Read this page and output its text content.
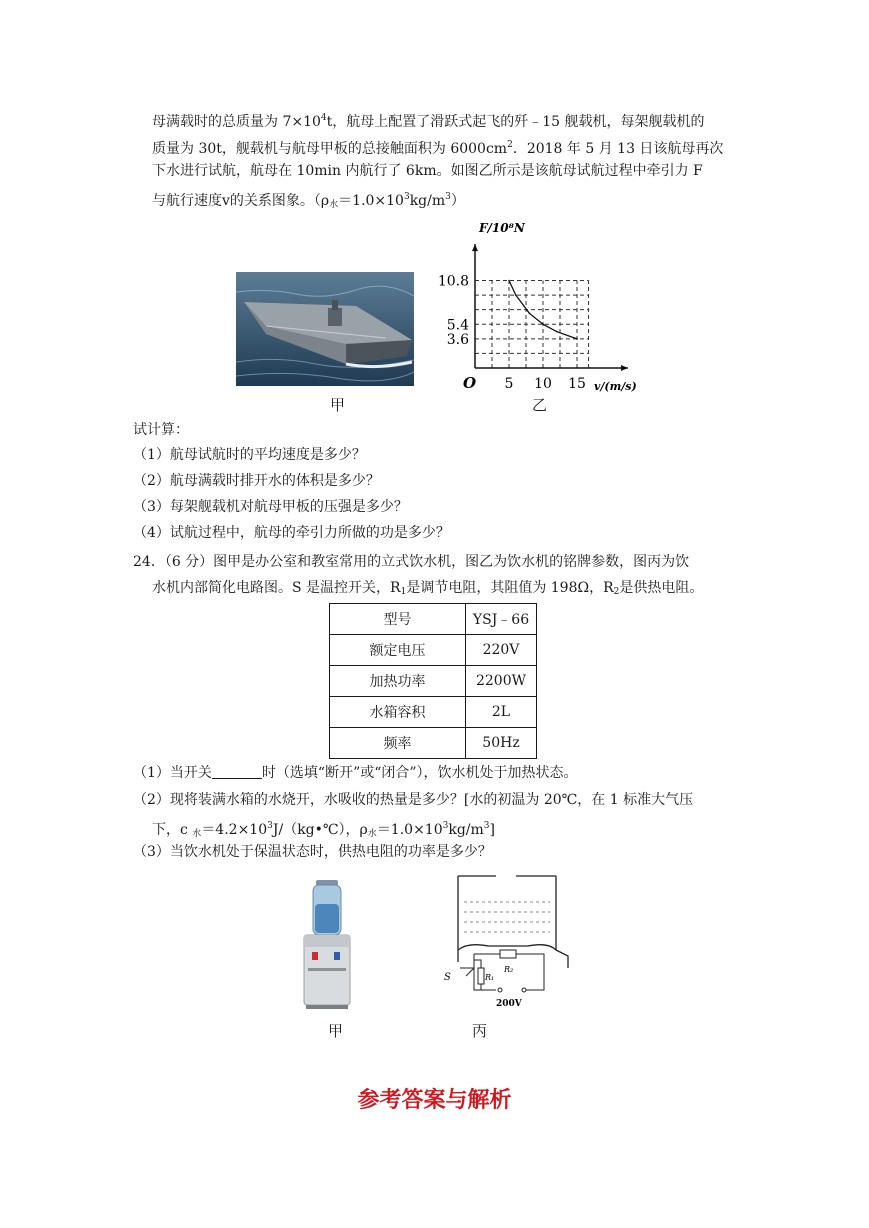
母满载时的总质量为 $7\times 10^4t$，航母上配置了滑跃式起飞的歼﹣15 舰载机，每架舰载机的
质量为 30t，舰载机与航母甲板的总接触面积为 $6000cm^2$．2018 年 5 月 13 日该航母再次
下水进行试航，航母在 10min 内航行了 6km。如图乙所示是该航母试航过程中牵引力 F
与航行速度v的关系图象。$(\rho_水=1.0\times 10^3kg/m^3)$
10.8
5.4
3.6
5 10 15
O
F/10⁸N
v/(m/s)
甲	乙
试计算：
（1）航母试航时的平均速度是多少？
（2）航母满载时排开水的体积是多少？
（3）每架舰载机对航母甲板的压强是多少？
（4）试航过程中，航母的牵引力所做的功是多少？
24．（6 分）图甲是办公室和教室常用的立式饮水机，图乙为饮水机的铭牌参数，图丙为饮
水机内部简化电路图。S 是温控开关，$R_1$是调节电阻，其阻值为 198Ω，$R_2$是供热电阻。
型号	YSJ﹣66
额定电压	220V
加热功率	2200W
水箱容积	2L
频率	50Hz
（1）当开关	时（选填“断开”或“闭合”），饮水机处于加热状态。
（2）现将装满水箱的水烧开，水吸收的热量是多少？[水的初温为 20℃，在 1 标准大气压
下，c $_水=4.2\times 10^3J/(kg•℃)$，$\rho_水=1.0\times 10^3kg/m^3$]
（3）当饮水机处于保温状态时，供热电阻的功率是多少？
S	R₁
R₂
200V
甲	丙
参考答案与解析
